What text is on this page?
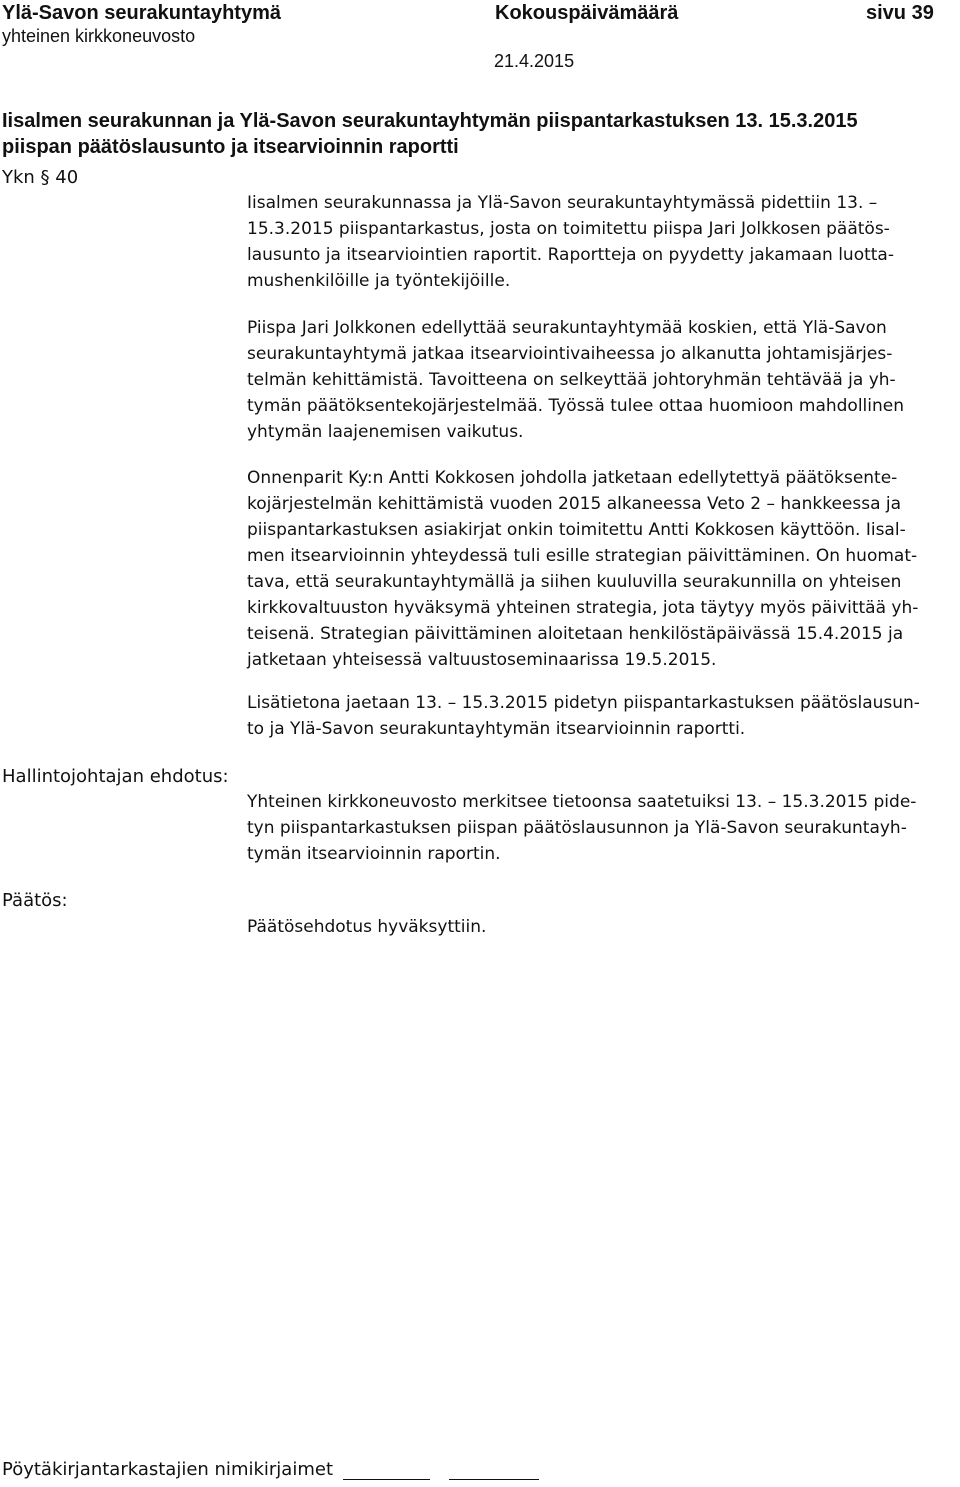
Ylä-Savon seurakuntayhtymä
yhteinen kirkkoneuvosto
Kokouspäivämäärä
21.4.2015
sivu 39
Iisalmen seurakunnan ja Ylä-Savon seurakuntayhtymän piispantarkastuksen 13. 15.3.2015
piispan päätöslausunto ja itsearvioinnin raportti
Ykn § 40
Iisalmen seurakunnassa ja Ylä-Savon seurakuntayhtymässä pidettiin 13. –
15.3.2015 piispantarkastus, josta on toimitettu piispa Jari Jolkkosen päätös-
lausunto ja itsearviointien raportit. Raportteja on pyydetty jakamaan luotta-
mushenkilöille ja työntekijöille.
Piispa Jari Jolkkonen edellyttää seurakuntayhtymää koskien, että Ylä-Savon
seurakuntayhtymä jatkaa itsearviointivaiheessa jo alkanutta johtamisjärjes-
telmän kehittämistä. Tavoitteena on selkeyttää johtoryhmän tehtävää ja yh-
tymän päätöksentekojärjestelmää. Työssä tulee ottaa huomioon mahdollinen
yhtymän laajenemisen vaikutus.
Onnenparit Ky:n Antti Kokkosen johdolla jatketaan edellytettyä päätöksente-
kojärjestelmän kehittämistä vuoden 2015 alkaneessa Veto 2 – hankkeessa ja
piispantarkastuksen asiakirjat onkin toimitettu Antti Kokkosen käyttöön. Iisal-
men itsearvioinnin yhteydessä tuli esille strategian päivittäminen. On huomat-
tava, että seurakuntayhtymällä ja siihen kuuluvilla seurakunnilla on yhteisen
kirkkovaltuuston hyväksymä yhteinen strategia, jota täytyy myös päivittää yh-
teisenä. Strategian päivittäminen aloitetaan henkilöstäpäivässä 15.4.2015 ja
jatketaan yhteisessä valtuustoseminaarissa 19.5.2015.
Lisätietona jaetaan 13. – 15.3.2015 pidetyn piispantarkastuksen päätöslausun-
to ja Ylä-Savon seurakuntayhtymän itsearvioinnin raportti.
Hallintojohtajan ehdotus:
Yhteinen kirkkoneuvosto merkitsee tietoonsa saatetuiksi 13. – 15.3.2015 pide-
tyn piispantarkastuksen piispan päätöslausunnon ja Ylä-Savon seurakuntayh-
tymän itsearvioinnin raportin.
Päätös:
Päätösehdotus hyväksyttiin.
Pöytäkirjantarkastajien nimikirjaimet
